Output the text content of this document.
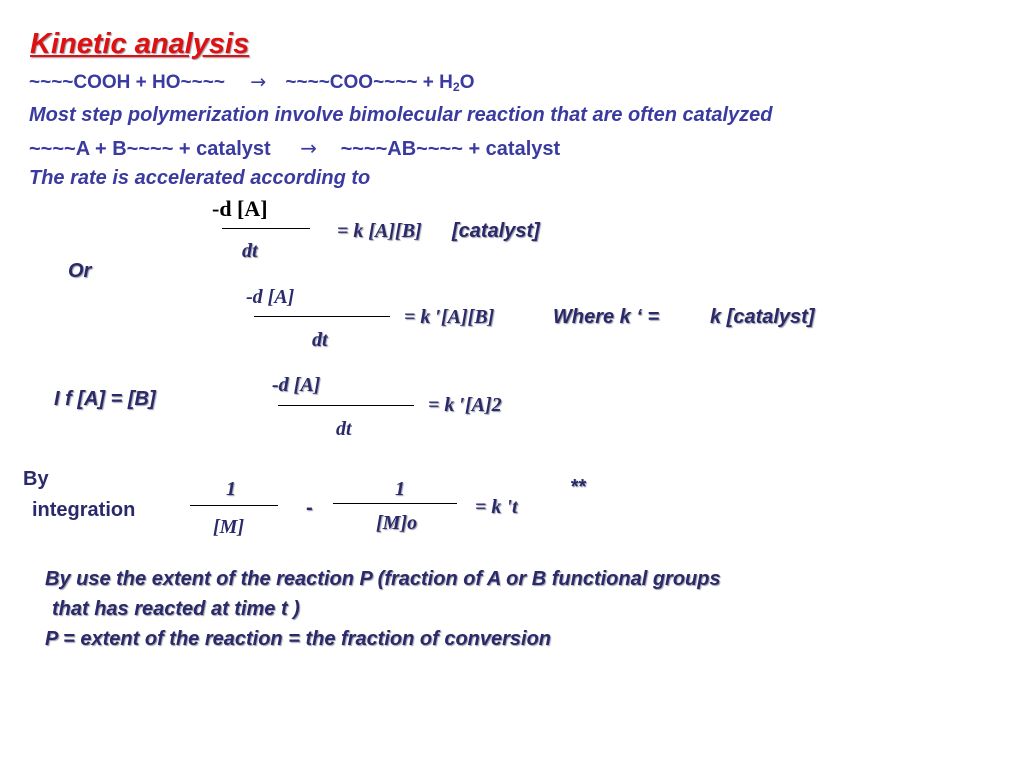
Kinetic analysis
~~~~COOH + HO~~~~ → ~~~~COO~~~~ + $H_2O$
Most step polymerization involve bimolecular reaction that are often catalyzed
~~~~A + B~~~~ + catalyst → ~~~~AB~~~~ + catalyst
The rate is accelerated according to
-d [A]
dt
= k [A][B] [catalyst]
Or
-d [A]
dt
= k ′[A][B]	Where k ‘ =	k [catalyst]
I f [A] = [B]
-d [A]
dt
= k ′[A]2
By
integration
1
[M]
-
1
[M]o
= k 't
**
By use the extent of the reaction P (fraction of A or B functional groups
that has reacted at time t )
P = extent of the reaction = the fraction of conversion
